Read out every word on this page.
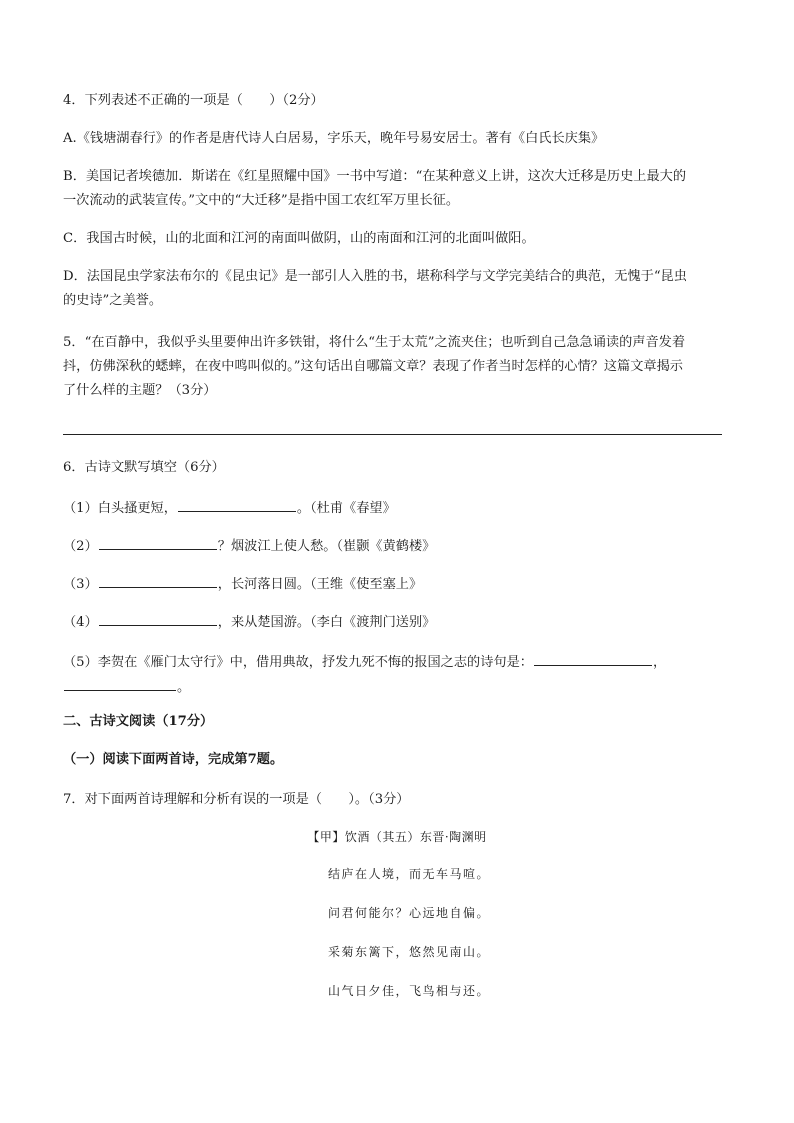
4．下列表述不正确的一项是（　　）（2分）
A.《钱塘湖春行》的作者是唐代诗人白居易，字乐天，晚年号易安居士。著有《白氏长庆集》
B．美国记者埃德加．斯诺在《红星照耀中国》一书中写道：“在某种意义上讲，这次大迁移是历史上最大的
一次流动的武装宣传。”文中的“大迁移”是指中国工农红军万里长征。
C．我国古时候，山的北面和江河的南面叫做阴，山的南面和江河的北面叫做阳。
D．法国昆虫学家法布尔的《昆虫记》是一部引人入胜的书，堪称科学与文学完美结合的典范，无愧于“昆虫
的史诗”之美誉。
5．“在百静中，我似乎头里要伸出许多铁钳，将什么“生于太荒”之流夹住；也听到自己急急诵读的声音发着
抖，仿佛深秋的蟋蟀，在夜中鸣叫似的。”这句话出自哪篇文章？表现了作者当时怎样的心情？这篇文章揭示
了什么样的主题？（3分）
6．古诗文默写填空（6分）
（1）白头搔更短，	。（杜甫《春望》
（2）	？烟波江上使人愁。（崔颢《黄鹤楼》
（3）	，长河落日圆。（王维《使至塞上》
（4）	，来从楚国游。（李白《渡荆门送别》
（5）李贺在《雁门太守行》中，借用典故，抒发九死不悔的报国之志的诗句是：	，
。
二、古诗文阅读（17分）
（一）阅读下面两首诗，完成第7题。
7．对下面两首诗理解和分析有误的一项是（　　）。（3分）
【甲】饮酒（其五）东晋·陶渊明
结庐在人境，而无车马喧。
问君何能尔？心远地自偏。
采菊东篱下，悠然见南山。
山气日夕佳，飞鸟相与还。
